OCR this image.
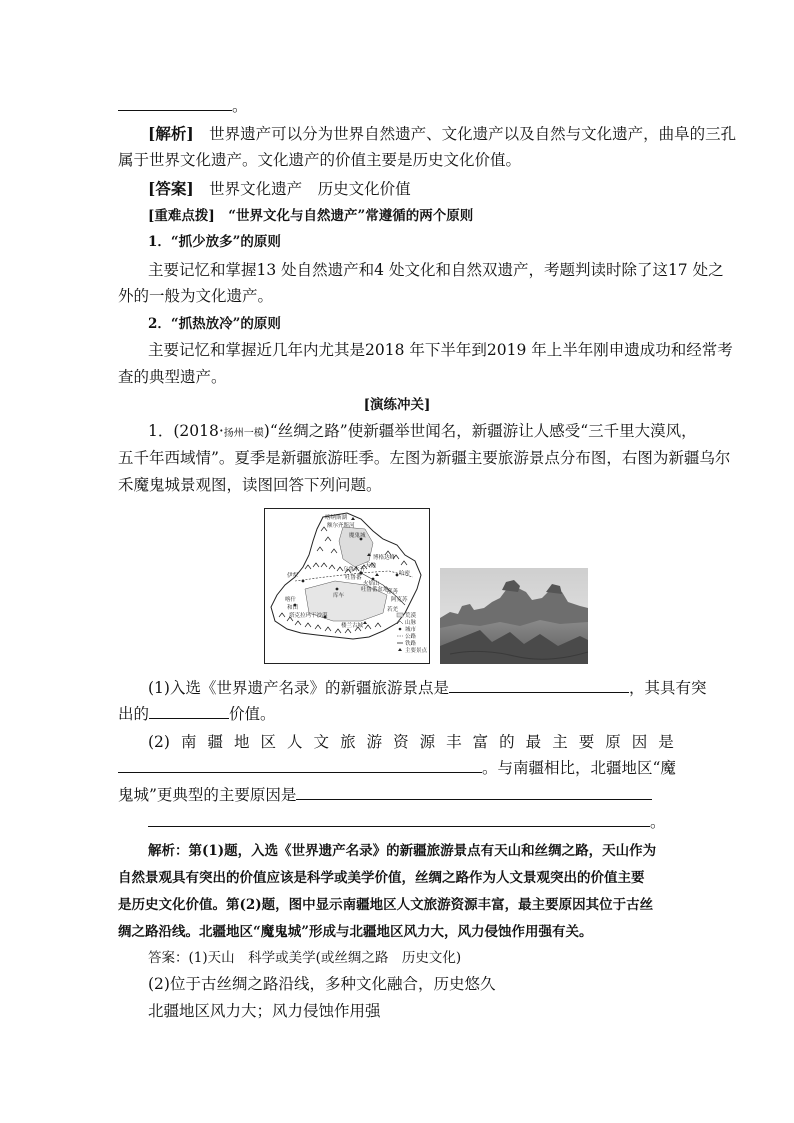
。
[解析]　世界遗产可以分为世界自然遗产、文化遗产以及自然与文化遗产，曲阜的三孔
属于世界文化遗产。文化遗产的价值主要是历史文化价值。
[答案]　世界文化遗产　历史文化价值
[重难点拨]　“世界文化与自然遗产”常遵循的两个原则
1．“抓少放多”的原则
主要记忆和掌握13 处自然遗产和4 处文化和自然双遗产，考题判读时除了这17 处之
外的一般为文化遗产。
2．“抓热放冷”的原则
主要记忆和掌握近几年内尤其是2018 年下半年到2019 年上半年刚申遗成功和经常考
查的典型遗产。
[演练冲关]
1．(2018·扬州一模)“丝绸之路”使新疆举世闻名，新疆游让人感受“三千里大漠风，
五千年西域情”。夏季是新疆旅游旺季。左图为新疆主要旅游景点分布图，右图为新疆乌尔
禾魔鬼城景观图，读图回答下列问题。
喀纳斯湖
额尔齐斯河
魔鬼城
天池
博格达峰
乌鲁木齐
吐鲁番
火焰山
哈密
鄯善
库车
和田
吐鲁番盆地
塔克拉玛干沙漠
阿克苏
楼兰古城
喀什
伊犁
若羌
荒漠
山脉
城市
公路
铁路
主要景点
(1)入选《世界遗产名录》的新疆旅游景点是	，其具有突
出的	价值。
(2) 南 疆 地 区 人 文 旅 游 资 源 丰 富 的 最 主 要 原 因 是
。与南疆相比，北疆地区“魔
鬼城”更典型的主要原因是
。
解析：第(1)题，入选《世界遗产名录》的新疆旅游景点有天山和丝绸之路，天山作为
自然景观具有突出的价值应该是科学或美学价值，丝绸之路作为人文景观突出的价值主要
是历史文化价值。第(2)题，图中显示南疆地区人文旅游资源丰富，最主要原因其位于古丝
绸之路沿线。北疆地区“魔鬼城”形成与北疆地区风力大，风力侵蚀作用强有关。
答案：(1)天山　科学或美学(或丝绸之路　历史文化)
(2)位于古丝绸之路沿线，多种文化融合，历史悠久
北疆地区风力大；风力侵蚀作用强
